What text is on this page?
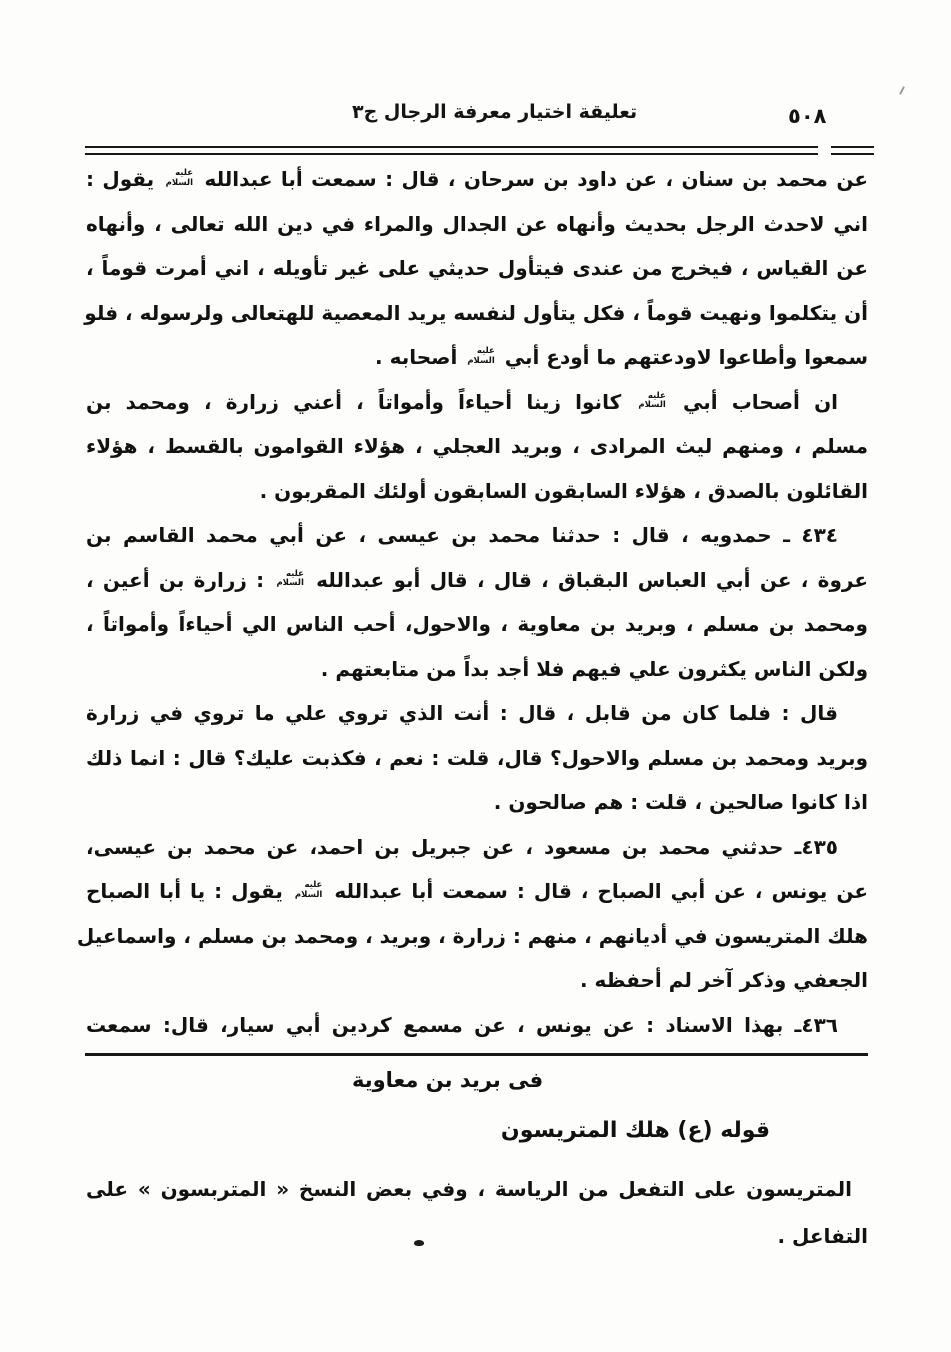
تعليقة اختيار معرفة الرجال ج٣	٥٠٨
عن محمد بن سنان ، عن داود بن سرحان ، قال : سمعت أبا عبدالله
عليه
السلام
يقول :
اني لاحدث الرجل بحديث وأنهاه عن الجدال والمراء في دين الله تعالى ، وأنهاه
عن القياس ، فيخرج من عندى فيتأول حديثي على غير تأويله ، اني أمرت قوماً ،
أن يتكلموا ونهيت قوماً ، فكل يتأول لنفسه يريد المعصية للهتعالى ولرسوله ، فلو
سمعوا وأطاعوا لاودعتهم ما أودع أبي
عليه
السلام
أصحابه .
ان أصحاب أبي
عليه
السلام
كانوا زينا أحياءاً وأمواتاً ، أعني زرارة ، ومحمد بن
مسلم ، ومنهم ليث المرادى ، وبريد العجلي ، هؤلاء القوامون بالقسط ، هؤلاء
القائلون بالصدق ، هؤلاء السابقون السابقون أولئك المقربون .
٤٣٤ ـ حمدويه ، قال : حدثنا محمد بن عيسى ، عن أبي محمد القاسم بن
عروة ، عن أبي العباس البقباق ، قال ، قال أبو عبدالله
عليه
السلام
: زرارة بن أعين ،
ومحمد بن مسلم ، وبريد بن معاوية ، والاحول، أحب الناس الي أحياءاً وأمواتاً ،
ولكن الناس يكثرون علي فيهم فلا أجد بداً من متابعتهم .
قال : فلما كان من قابل ، قال : أنت الذي تروي علي ما تروي في زرارة
وبريد ومحمد بن مسلم والاحول؟ قال، قلت : نعم ، فكذبت عليك؟ قال : انما ذلك
اذا كانوا صالحين ، قلت : هم صالحون .
٤٣٥ـ حدثني محمد بن مسعود ، عن جبريل بن احمد، عن محمد بن عيسى،
عن يونس ، عن أبي الصباح ، قال : سمعت أبا عبدالله
عليه
السلام
يقول : يا أبا الصباح
هلك المتريسون في أديانهم ، منهم : زرارة ، وبريد ، ومحمد بن مسلم ، واسماعيل
الجعفي وذكر آخر لم أحفظه .
٤٣٦ـ بهذا الاسناد : عن يونس ، عن مسمع كردين أبي سيار، قال: سمعت
فى بريد بن معاوية
قوله (ع) هلك المتريسون
المتريسون على التفعل من الرياسة ، وفي بعض النسخ « المتربسون » على
التفاعل .
